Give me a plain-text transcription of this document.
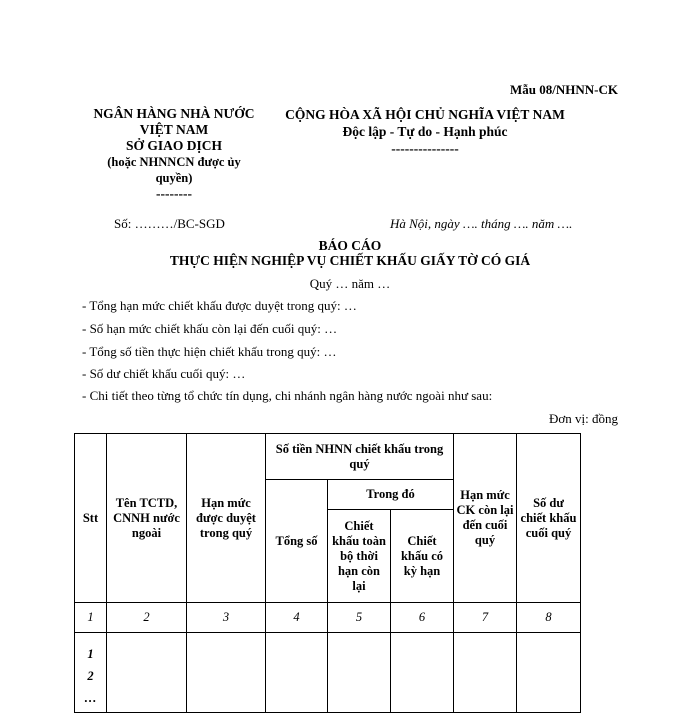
Mẫu 08/NHNN-CK
NGÂN HÀNG NHÀ NƯỚC
VIỆT NAM
SỞ GIAO DỊCH
(hoặc NHNNCN được ủy
quyền)
--------
CỘNG HÒA XÃ HỘI CHỦ NGHĨA VIỆT NAM
Độc lập - Tự do - Hạnh phúc
---------------
Số: ………/BC-SGD	Hà Nội, ngày …. tháng …. năm ….
BÁO CÁO
THỰC HIỆN NGHIỆP VỤ CHIẾT KHẤU GIẤY TỜ CÓ GIÁ
Quý … năm …
- Tổng hạn mức chiết khấu được duyệt trong quý: …
- Số hạn mức chiết khấu còn lại đến cuối quý: …
- Tổng số tiền thực hiện chiết khấu trong quý: …
- Số dư chiết khấu cuối quý: …
- Chi tiết theo từng tổ chức tín dụng, chi nhánh ngân hàng nước ngoài như sau:
Đơn vị: đồng
Stt	Tên TCTD, CNNH nước ngoài	Hạn mức được duyệt trong quý	Số tiền NHNN chiết khấu trong quý			Hạn mức CK còn lại đến cuối quý	Số dư chiết khấu cuối quý
			Tổng số	Trong đó			
				Chiết khấu toàn bộ thời hạn còn lại	Chiết khấu có kỳ hạn		
1	2	3	4	5	6	7	8

1
2
…							
